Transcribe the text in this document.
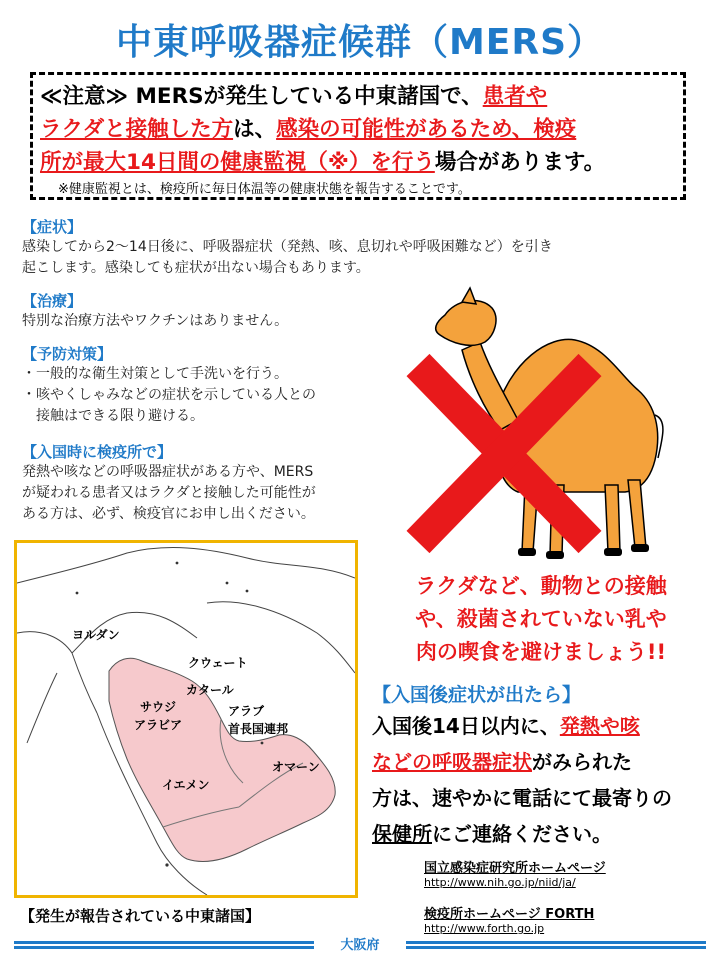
中東呼吸器症候群（MERS）
≪注意≫ MERSが発生している中東諸国で、患者や
ラクダと接触した方は、感染の可能性があるため、検疫
所が最大14日間の健康監視（※）を行う場合があります。
※健康監視とは、検疫所に毎日体温等の健康状態を報告することです。
【症状】
感染してから2～14日後に、呼吸器症状（発熱、咳、息切れや呼吸困難など）を引き
起こします。感染しても症状が出ない場合もあります。
【治療】
特別な治療方法やワクチンはありません。
【予防対策】
・一般的な衛生対策として手洗いを行う。
・咳やくしゃみなどの症状を示している人との
　接触はできる限り避ける。
【入国時に検疫所で】
発熱や咳などの呼吸器症状がある方や、MERS
が疑われる患者又はラクダと接触した可能性が
ある方は、必ず、検疫官にお申し出ください。
ヨルダン
クウェート
カタール
サウジ
アラビア
アラブ
首長国連邦
イエメン
オマーン
【発生が報告されている中東諸国】
ラクダなど、動物との接触
や、殺菌されていない乳や
肉の喫食を避けましょう!!
【入国後症状が出たら】
入国後14日以内に、発熱や咳
などの呼吸器症状がみられた
方は、速やかに電話にて最寄りの
保健所にご連絡ください。
国立感染症研究所ホームページ
http://www.nih.go.jp/niid/ja/
検疫所ホームページ FORTH
http://www.forth.go.jp
大阪府
